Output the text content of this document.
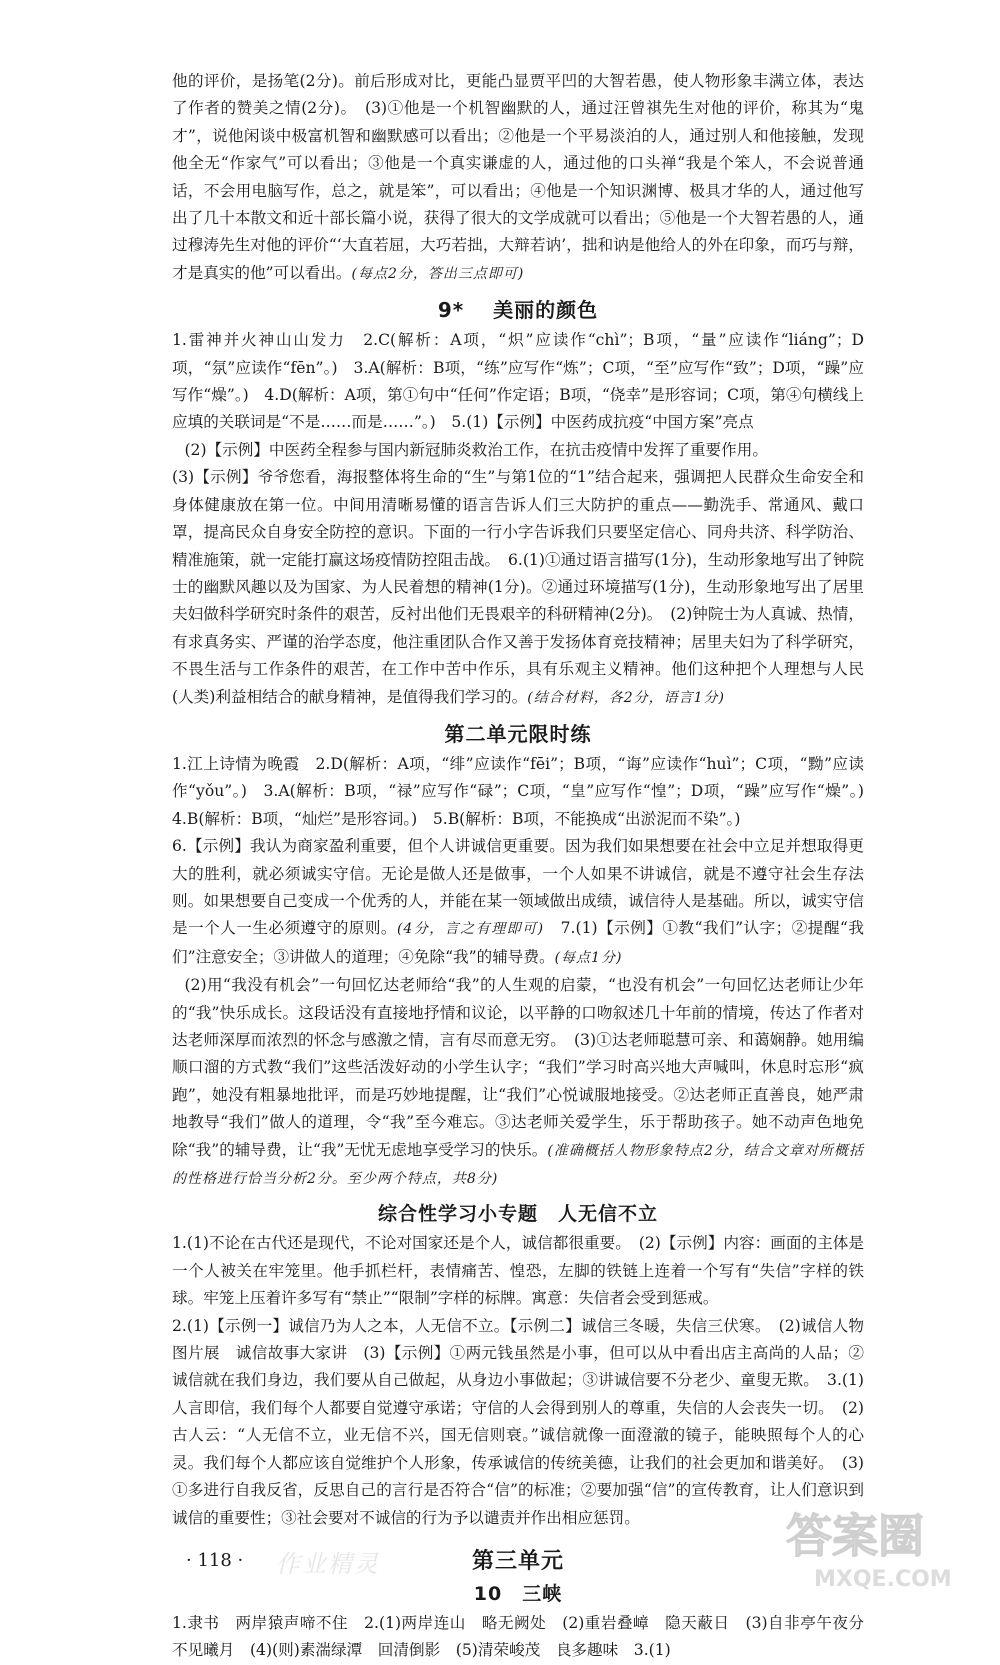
他的评价，是扬笔(2分)。前后形成对比，更能凸显贾平凹的大智若愚，使人物形象丰满立体，表达了作者的赞美之情(2分)。　(3)①他是一个机智幽默的人，通过汪曾祺先生对他的评价，称其为“鬼才”，说他闲谈中极富机智和幽默感可以看出；②他是一个平易淡泊的人，通过别人和他接触，发现他全无“作家气”可以看出；③他是一个真实谦虚的人，通过他的口头禅“我是个笨人，不会说普通话，不会用电脑写作，总之，就是笨”，可以看出；④他是一个知识渊博、极具才华的人，通过他写出了几十本散文和近十部长篇小说，获得了很大的文学成就可以看出；⑤他是一个大智若愚的人，通过穆涛先生对他的评价“‘大直若屈，大巧若拙，大辩若讷’，拙和讷是他给人的外在印象，而巧与辩，才是真实的他”可以看出。(每点2分，答出三点即可)

9* 　美丽的颜色

1.雷神并火神山山发力　2.C(解析：A项，“炽”应读作“chì”；B项，“量”应读作“liáng”；D项，“氛”应读作“fēn”。)　3.A(解析：B项，“练”应写作“炼”；C项，“至”应写作“致”；D项，“躁”应写作“燥”。)　4.D(解析：A项，第①句中“任何”作定语；B项，“侥幸”是形容词；C项，第④句横线上应填的关联词是“不是……而是……”。)　5.(1)【示例】中医药成抗疫“中国方案”亮点

(2)【示例】中医药全程参与国内新冠肺炎救治工作，在抗击疫情中发挥了重要作用。

(3)【示例】爷爷您看，海报整体将生命的“生”与第1位的“1”结合起来，强调把人民群众生命安全和身体健康放在第一位。中间用清晰易懂的语言告诉人们三大防护的重点——勤洗手、常通风、戴口罩，提高民众自身安全防控的意识。下面的一行小字告诉我们只要坚定信心、同舟共济、科学防治、精准施策，就一定能打赢这场疫情防控阻击战。　6.(1)①通过语言描写(1分)，生动形象地写出了钟院士的幽默风趣以及为国家、为人民着想的精神(1分)。②通过环境描写(1分)，生动形象地写出了居里夫妇做科学研究时条件的艰苦，反衬出他们无畏艰辛的科研精神(2分)。　(2)钟院士为人真诚、热情，有求真务实、严谨的治学态度，他注重团队合作又善于发扬体育竞技精神；居里夫妇为了科学研究，不畏生活与工作条件的艰苦，在工作中苦中作乐，具有乐观主义精神。他们这种把个人理想与人民(人类)利益相结合的献身精神，是值得我们学习的。(结合材料，各2分，语言1分)

第二单元限时练

1.江上诗情为晚霞　2.D(解析：A项，“绯”应读作“fēi”；B项，“诲”应读作“huì”；C项，“黝”应读作“yǒu”。)　3.A(解析：B项，“禄”应写作“碌”；C项，“皇”应写作“惶”；D项，“躁”应写作“燥”。)　4.B(解析：B项，“灿烂”是形容词。)　5.B(解析：B项，不能换成“出淤泥而不染”。)

6.【示例】我认为商家盈利重要，但个人讲诚信更重要。因为我们如果想要在社会中立足并想取得更大的胜利，就必须诚实守信。无论是做人还是做事，一个人如果不讲诚信，就是不遵守社会生存法则。如果想要自己变成一个优秀的人，并能在某一领域做出成绩，诚信待人是基础。所以，诚实守信是一个人一生必须遵守的原则。(4分，言之有理即可)　7.(1)【示例】①教“我们”认字；②提醒“我们”注意安全；③讲做人的道理；④免除“我”的辅导费。(每点1分)

(2)用“我没有机会”一句回忆达老师给“我”的人生观的启蒙，“也没有机会”一句回忆达老师让少年的“我”快乐成长。这段话没有直接地抒情和议论，以平静的口吻叙述几十年前的情境，传达了作者对达老师深厚而浓烈的怀念与感激之情，言有尽而意无穷。　(3)①达老师聪慧可亲、和蔼娴静。她用编顺口溜的方式教“我们”这些活泼好动的小学生认字；“我们”学习时高兴地大声喊叫，休息时忘形“疯跑”，她没有粗暴地批评，而是巧妙地提醒，让“我们”心悦诚服地接受。②达老师正直善良，她严肃地教导“我们”做人的道理，令“我”至今难忘。③达老师关爱学生，乐于帮助孩子。她不动声色地免除“我”的辅导费，让“我”无忧无虑地享受学习的快乐。(准确概括人物形象特点2分，结合文章对所概括的性格进行恰当分析2分。至少两个特点，共8分)

综合性学习小专题　人无信不立

1.(1)不论在古代还是现代，不论对国家还是个人，诚信都很重要。　(2)【示例】内容：画面的主体是一个人被关在牢笼里。他手抓栏杆，表情痛苦、惶恐，左脚的铁链上连着一个写有“失信”字样的铁球。牢笼上压着许多写有“禁止”“限制”字样的标牌。寓意：失信者会受到惩戒。

2.(1)【示例一】诚信乃为人之本，人无信不立。【示例二】诚信三冬暖，失信三伏寒。　(2)诚信人物图片展　诚信故事大家讲　(3)【示例】①两元钱虽然是小事，但可以从中看出店主高尚的人品；②诚信就在我们身边，我们要从自己做起，从身边小事做起；③讲诚信要不分老少、童叟无欺。　3.(1)人言即信，我们每个人都要自觉遵守承诺；守信的人会得到别人的尊重，失信的人会丧失一切。　(2)古人云：“人无信不立，业无信不兴，国无信则衰。”诚信就像一面澄澈的镜子，能映照每个人的心灵。我们每个人都应该自觉维护个人形象，传承诚信的传统美德，让我们的社会更加和谐美好。　(3)①多进行自我反省，反思自己的言行是否符合“信”的标准；②要加强“信”的宣传教育，让人们意识到诚信的重要性；③社会要对不诚信的行为予以谴责并作出相应惩罚。

第三单元
10　三峡

1.隶书　两岸猿声啼不住　2.(1)两岸连山　略无阙处　(2)重岩叠嶂　隐天蔽日　(3)自非亭午夜分　不见曦月　(4)(则)素湍绿潭　回清倒影　(5)清荣峻茂　良多趣味　3.(1)

· 118 · 作业精灵
答案圈
MXQE.COM
